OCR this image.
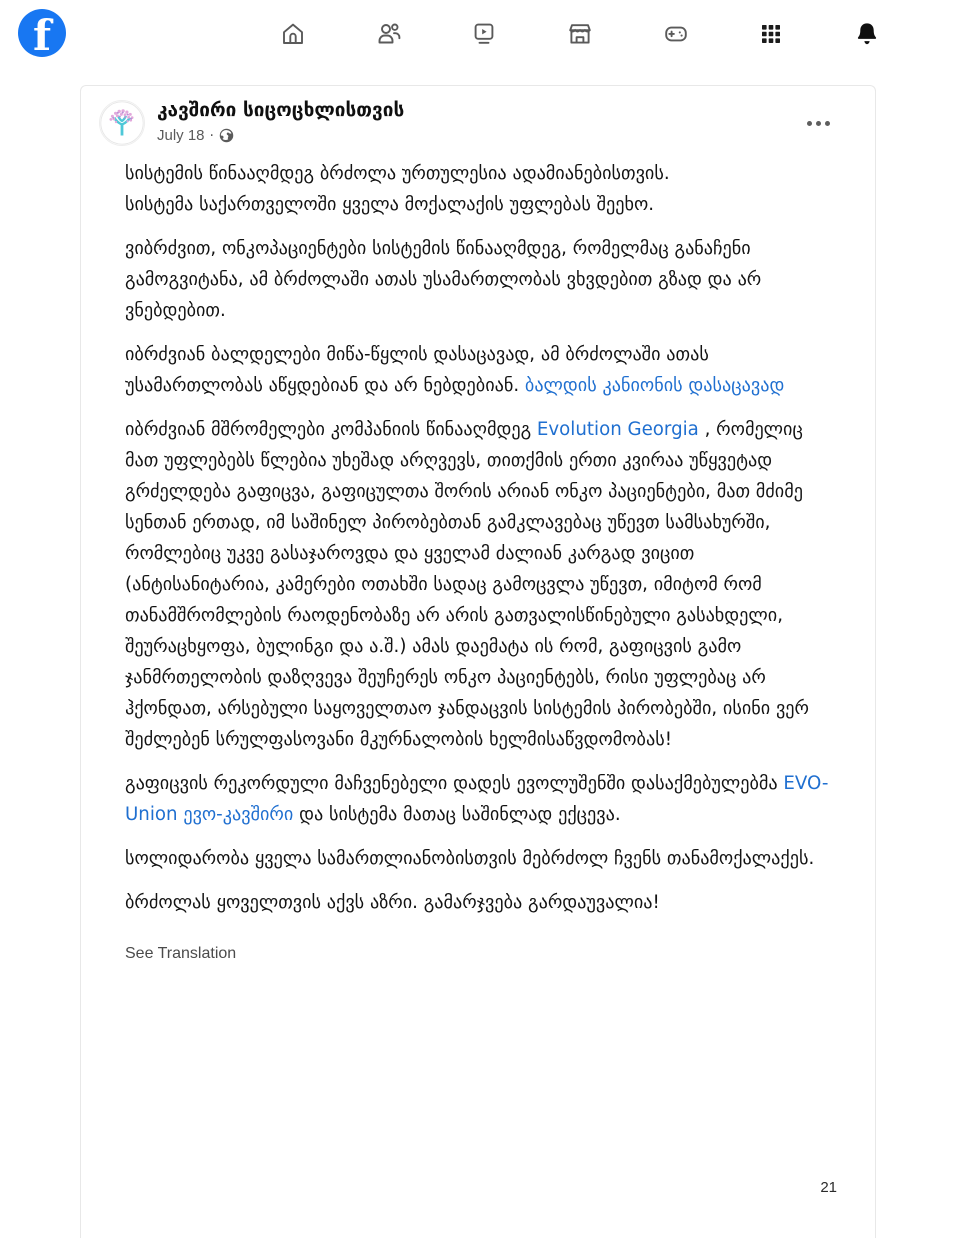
f
კავშირი სიცოცხლისთვის
July 18 ·

სისტემის წინააღმდეგ ბრძოლა ურთულესია ადამიანებისთვის.

სისტემა საქართველოში ყველა მოქალაქის უფლებას შეეხო.

ვიბრძვით, ონკოპაციენტები სისტემის წინააღმდეგ, რომელმაც განაჩენი გამოგვიტანა, ამ ბრძოლაში ათას უსამართლობას ვხვდებით გზად და არ ვნებდებით.

იბრძვიან ბალდელები მიწა-წყლის დასაცავად, ამ ბრძოლაში ათას უსამართლობას აწყდებიან და არ ნებდებიან. ბალდის კანიონის დასაცავად

იბრძვიან მშრომელები კომპანიის წინააღმდეგ Evolution Georgia , რომელიც მათ უფლებებს წლებია უხეშად არღვევს, თითქმის ერთი კვირაა უწყვეტად გრძელდება გაფიცვა, გაფიცულთა შორის არიან ონკო პაციენტები, მათ მძიმე სენთან ერთად, იმ საშინელ პირობებთან გამკლავებაც უწევთ სამსახურში, რომლებიც უკვე გასაჯაროვდა და ყველამ ძალიან კარგად ვიცით (ანტისანიტარია, კამერები ოთახში სადაც გამოცვლა უწევთ, იმიტომ რომ თანამშრომლების რაოდენობაზე არ არის გათვალისწინებული გასახდელი, შეურაცხყოფა, ბულინგი და ა.შ.) ამას დაემატა ის რომ, გაფიცვის გამო ჯანმრთელობის დაზღვევა შეუჩერეს ონკო პაციენტებს, რისი უფლებაც არ ჰქონდათ, არსებული საყოველთაო ჯანდაცვის სისტემის პირობებში, ისინი ვერ შეძლებენ სრულფასოვანი მკურნალობის ხელმისაწვდომობას!

გაფიცვის რეკორდული მაჩვენებელი დადეს ევოლუშენში დასაქმებულებმა EVO-Union ევო-კავშირი და სისტემა მათაც საშინლად ექცევა.

სოლიდარობა ყველა სამართლიანობისთვის მებრძოლ ჩვენს თანამოქალაქეს.

ბრძოლას ყოველთვის აქვს აზრი. გამარჯვება გარდაუვალია!

See Translation
21
